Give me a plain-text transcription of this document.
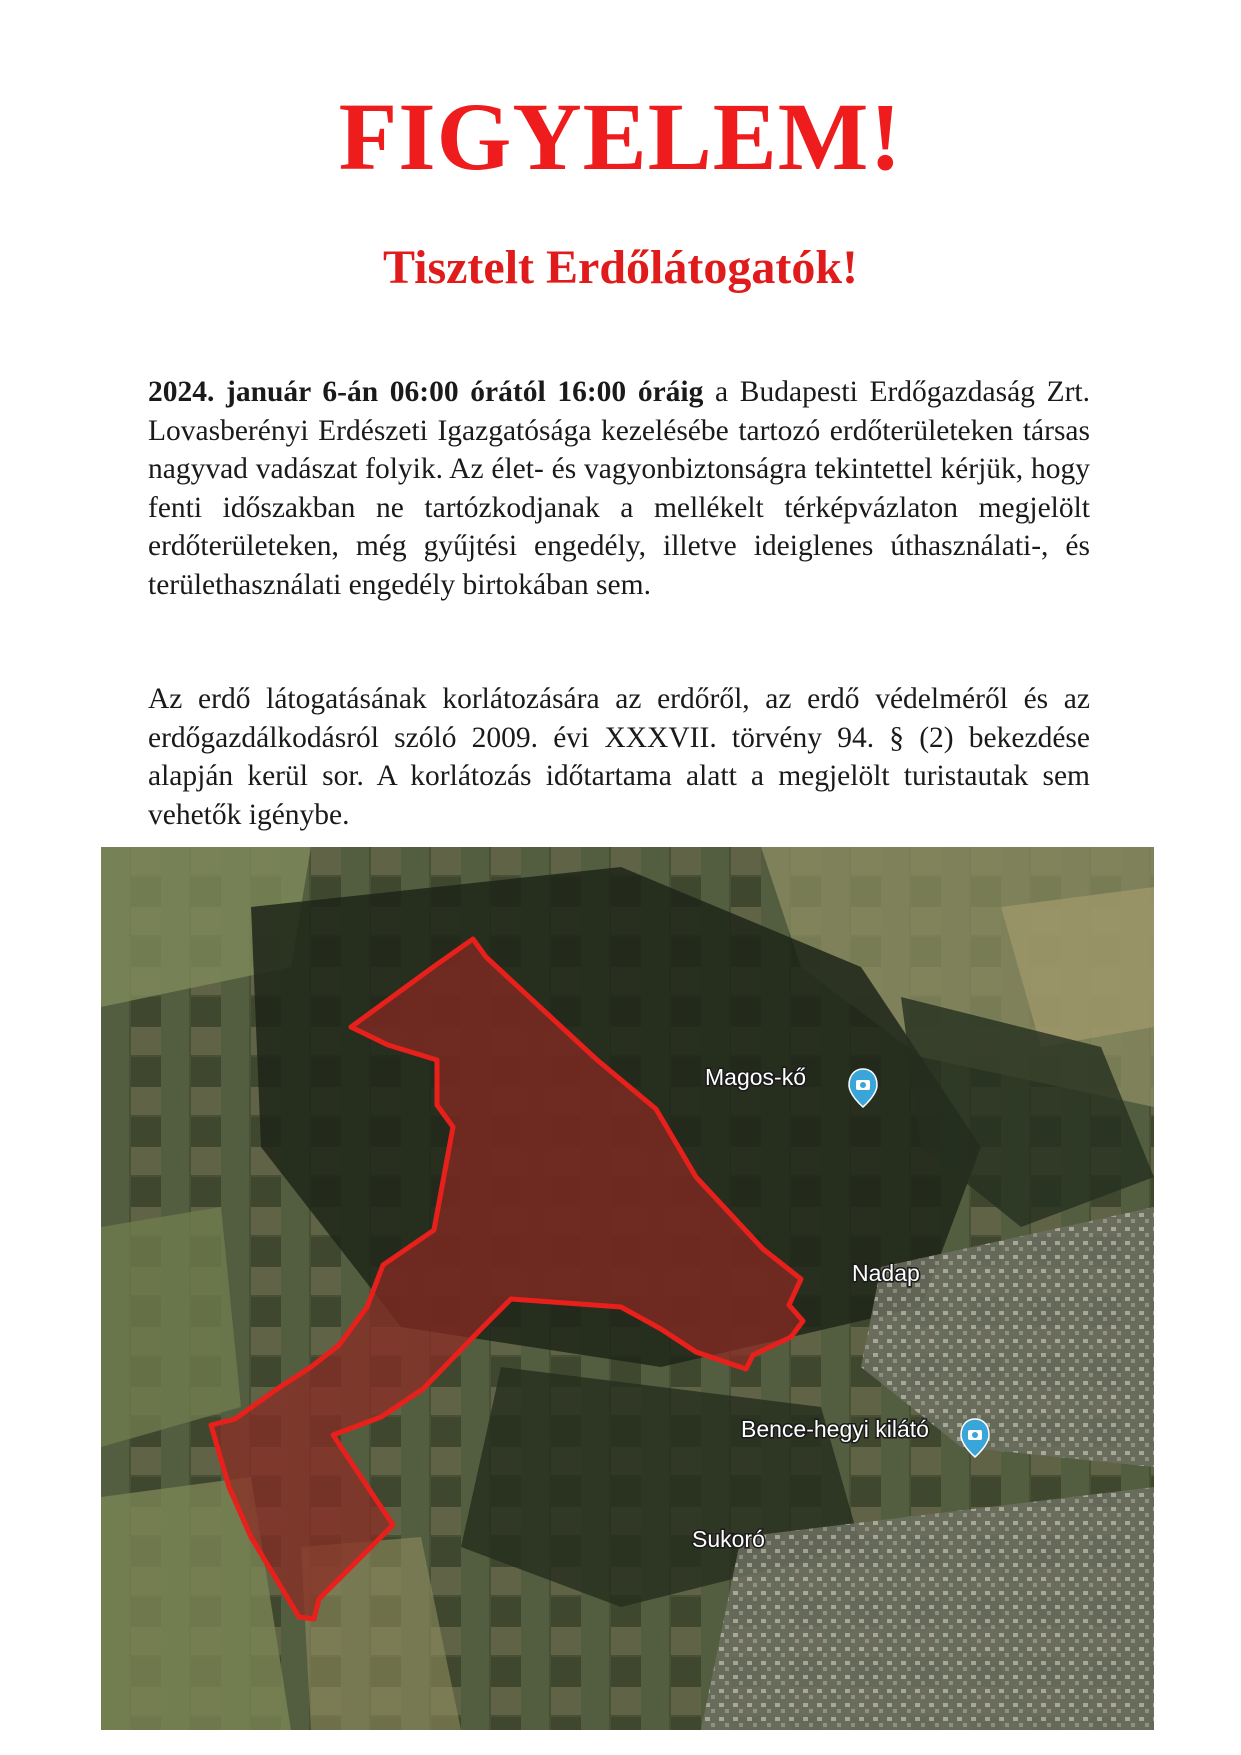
FIGYELEM!
Tisztelt Erdőlátogatók!

2024. január 6-án 06:00 órától 16:00 óráig a Budapesti Erdőgazdaság Zrt. Lovasberényi Erdészeti Igazgatósága kezelésébe tartozó erdőterületeken társas nagyvad vadászat folyik. Az élet- és vagyonbiztonságra tekintettel kérjük, hogy fenti időszakban ne tartózkodjanak a mellékelt térképvázlaton megjelölt erdőterületeken, még gyűjtési engedély, illetve ideiglenes úthasználati-, és területhasználati engedély birtokában sem.

Az erdő látogatásának korlátozására az erdőről, az erdő védelméről és az erdőgazdálkodásról szóló 2009. évi XXXVII. törvény 94. § (2) bekezdése alapján kerül sor. A korlátozás időtartama alatt a megjelölt turistautak sem vehetők igénybe.

Magos-kő
Nadap
Bence-hegyi kilátó
Sukoró
